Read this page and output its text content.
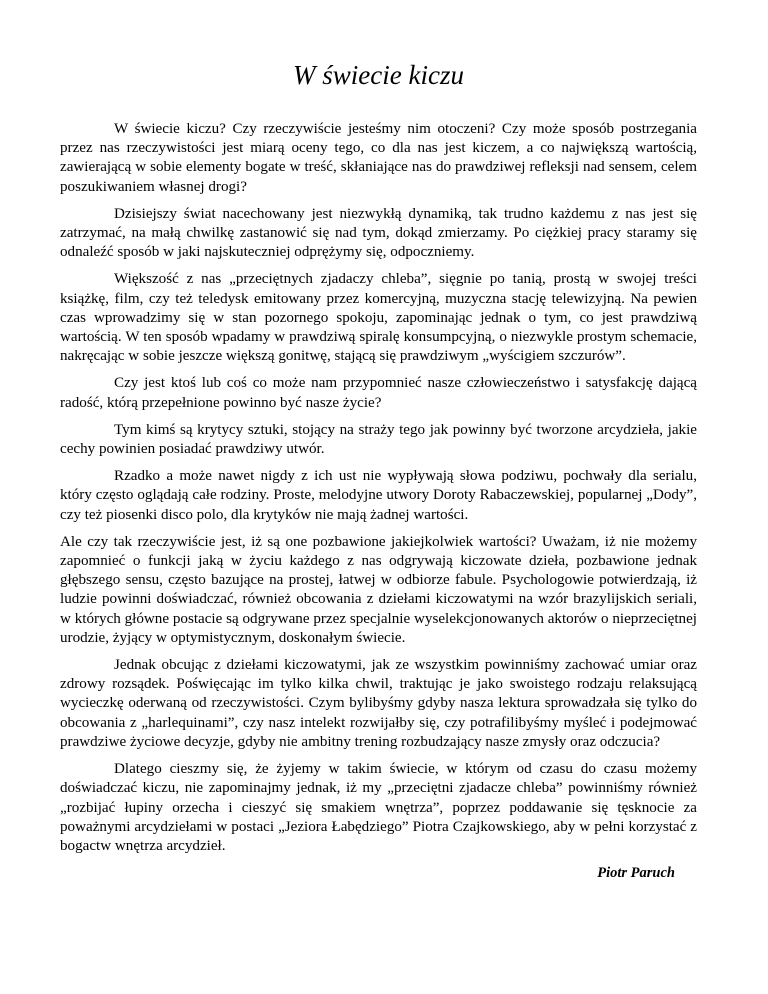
W świecie kiczu

W świecie kiczu? Czy rzeczywiście jesteśmy nim otoczeni? Czy może sposób postrzegania przez nas rzeczywistości jest miarą oceny tego, co dla nas jest kiczem, a co największą wartością, zawierającą w sobie elementy bogate w treść, skłaniające nas do prawdziwej refleksji nad sensem, celem poszukiwaniem własnej drogi?

Dzisiejszy świat nacechowany jest niezwykłą dynamiką, tak trudno każdemu z nas jest się zatrzymać, na małą chwilkę zastanowić się nad tym, dokąd zmierzamy. Po ciężkiej pracy staramy się odnaleźć sposób w jaki najskuteczniej odprężymy się, odpoczniemy.

Większość z nas „przeciętnych zjadaczy chleba”, sięgnie po tanią, prostą w swojej treści książkę, film, czy też teledysk emitowany przez komercyjną, muzyczna stację telewizyjną. Na pewien czas wprowadzimy się w stan pozornego spokoju, zapominając jednak o tym, co jest prawdziwą wartością. W ten sposób wpadamy w prawdziwą spiralę konsumpcyjną, o niezwykle prostym schemacie, nakręcając w sobie jeszcze większą gonitwę, stającą się prawdziwym „wyścigiem szczurów”.

Czy jest ktoś lub coś co może nam przypomnieć nasze człowieczeństwo i satysfakcję dającą radość, którą przepełnione powinno być nasze życie?

Tym kimś są krytycy sztuki, stojący na straży tego jak powinny być tworzone arcydzieła, jakie cechy powinien posiadać prawdziwy utwór.

Rzadko a może nawet nigdy z ich ust nie wypływają słowa podziwu, pochwały dla serialu, który często oglądają całe rodziny. Proste, melodyjne utwory Doroty Rabaczewskiej, popularnej „Dody”, czy też piosenki disco polo, dla krytyków nie mają żadnej wartości.

Ale czy tak rzeczywiście jest, iż są one pozbawione jakiejkolwiek wartości? Uważam, iż nie możemy zapomnieć o funkcji jaką w życiu każdego z nas odgrywają kiczowate dzieła, pozbawione jednak głębszego sensu, często bazujące na prostej, łatwej w odbiorze fabule. Psychologowie potwierdzają, iż ludzie powinni doświadczać, również obcowania z dziełami kiczowatymi na wzór brazylijskich seriali, w których główne postacie są odgrywane przez specjalnie wyselekcjonowanych aktorów o nieprzeciętnej urodzie, żyjący w optymistycznym, doskonałym świecie.

Jednak obcując z dziełami kiczowatymi, jak ze wszystkim powinniśmy zachować umiar oraz zdrowy rozsądek. Poświęcając im tylko kilka chwil, traktując je jako swoistego rodzaju relaksującą wycieczkę oderwaną od rzeczywistości. Czym bylibyśmy gdyby nasza lektura sprowadzała się tylko do obcowania z „harlequinami”, czy nasz intelekt rozwijałby się, czy potrafilibyśmy myśleć i podejmować prawdziwe życiowe decyzje, gdyby nie ambitny trening rozbudzający nasze zmysły oraz odczucia?

Dlatego cieszmy się, że żyjemy w takim świecie, w którym od czasu do czasu możemy doświadczać kiczu, nie zapominajmy jednak, iż my „przeciętni zjadacze chleba” powinniśmy również „rozbijać łupiny orzecha i cieszyć się smakiem wnętrza”, poprzez poddawanie się tęsknocie za poważnymi arcydziełami w postaci „Jeziora Łabędziego” Piotra Czajkowskiego, aby w pełni korzystać z bogactw wnętrza arcydzieł.

Piotr Paruch
